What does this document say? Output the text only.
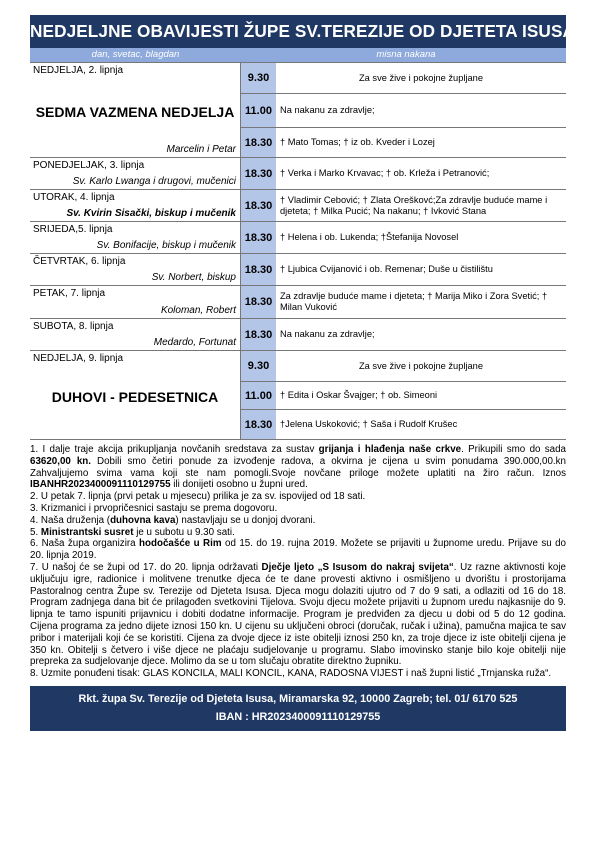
NEDJELJNE OBAVIJESTI ŽUPE SV.TEREZIJE OD DJETETA ISUSA
dan, svetac, blagdan	misna nakana
NEDJELJA, 2. lipnja
SEDMA VAZMENA NEDJELJA
Marcelin i Petar
9.30	Za sve žive i pokojne župljane
11.00 Na nakanu za zdravlje;
18.30 † Mato Tomas; † iz ob. Kveder i Lozej
PONEDJELJAK, 3. lipnja
Sv. Karlo Lwanga i drugovi, mučenici
18.30 † Verka i Marko Krvavac; † ob. Krleža i Petranović;
UTORAK, 4. lipnja
Sv. Kvirin Sisački, biskup i mučenik
18.30 † Vladimir Cebović; † Zlata Oreškovć;Za zdravlje buduće mame i djeteta; † Milka Pucić; Na nakanu; † Ivković Stana
SRIJEDA,5. lipnja
Sv. Bonifacije, biskup i mučenik
18.30 † Helena i ob. Lukenda; †Štefanija Novosel
ČETVRTAK, 6. lipnja
Sv. Norbert, biskup
18.30 † Ljubica Cvijanović i ob. Remenar; Duše u čistilištu
PETAK, 7. lipnja
Koloman, Robert
18.30 Za zdravlje buduće mame i djeteta; † Marija Miko i Zora Svetić; † Milan Vuković
SUBOTA, 8. lipnja
Medardo, Fortunat
18.30 Na nakanu za zdravlje;
NEDJELJA, 9. lipnja
DUHOVI - PEDESETNICA
9.30	Za sve žive i pokojne župljane
11.00 † Edita i Oskar Švajger; † ob. Simeoni
18.30 †Jelena Uskoković; † Saša i Rudolf Krušec

1. I dalje traje akcija prikupljanja novčanih sredstava za sustav grijanja i hlađenja naše crkve. Prikupili smo do sada 63620,00 kn. Dobili smo četiri ponude za izvođenje radova, a okvirna je cijena u svim ponudama 390.000,00.kn Zahvaljujemo svima vama koji ste nam pomogli.Svoje novčane priloge možete uplatiti na žiro račun. Iznos IBANHR2023400091110129755 ili donijeti osobno u župni ured.

2. U petak 7. lipnja (prvi petak u mjesecu) prilika je za sv. ispovijed od 18 sati.

3. Krizmanici i prvopričesnici sastaju se prema dogovoru.

4. Naša druženja (duhovna kava) nastavljaju se u donjoj dvorani.

5. Ministrantski susret je u subotu u 9.30 sati.

6. Naša župa organizira hodočašće u Rim od 15. do 19. rujna 2019. Možete se prijaviti u župnome uredu. Prijave su do 20. lipnja 2019.

7. U našoj će se župi od 17. do 20. lipnja održavati Dječje ljeto „S Isusom do nakraj svijeta“. Uz razne aktivnosti koje uključuju igre, radionice i molitvene trenutke djeca će te dane provesti aktivno i osmišljeno u dvorištu i prostorijama Pastoralnog centra Župe sv. Terezije od Djeteta Isusa. Djeca mogu dolaziti ujutro od 7 do 9 sati, a odlaziti od 16 do 18. Program zadnjega dana bit će prilagođen svetkovini Tijelova. Svoju djecu možete prijaviti u župnom uredu najkasnije do 9. lipnja te tamo ispuniti prijavnicu i dobiti dodatne informacije. Program je predviđen za djecu u dobi od 5 do 12 godina. Cijena programa za jedno dijete iznosi 150 kn. U cijenu su uključeni obroci (doručak, ručak i užina), pamučna majica te sav pribor i materijali koji će se koristiti. Cijena za dvoje djece iz iste obitelji iznosi 250 kn, za troje djece iz iste obitelji cijena je 350 kn. Obitelji s četvero i više djece ne plaćaju sudjelovanje u programu. Slabo imovinsko stanje bilo koje obitelji nije prepreka za sudjelovanje djece. Molimo da se u tom slučaju obratite direktno župniku.

8. Uzmite ponuđeni tisak: GLAS KONCILA, MALI KONCIL, KANA, RADOSNA VIJEST i naš župni listić „Trnjanska ruža“.

Rkt. župa Sv. Terezije od Djeteta Isusa, Miramarska 92, 10000 Zagreb; tel. 01/ 6170 525
IBAN : HR2023400091110129755
